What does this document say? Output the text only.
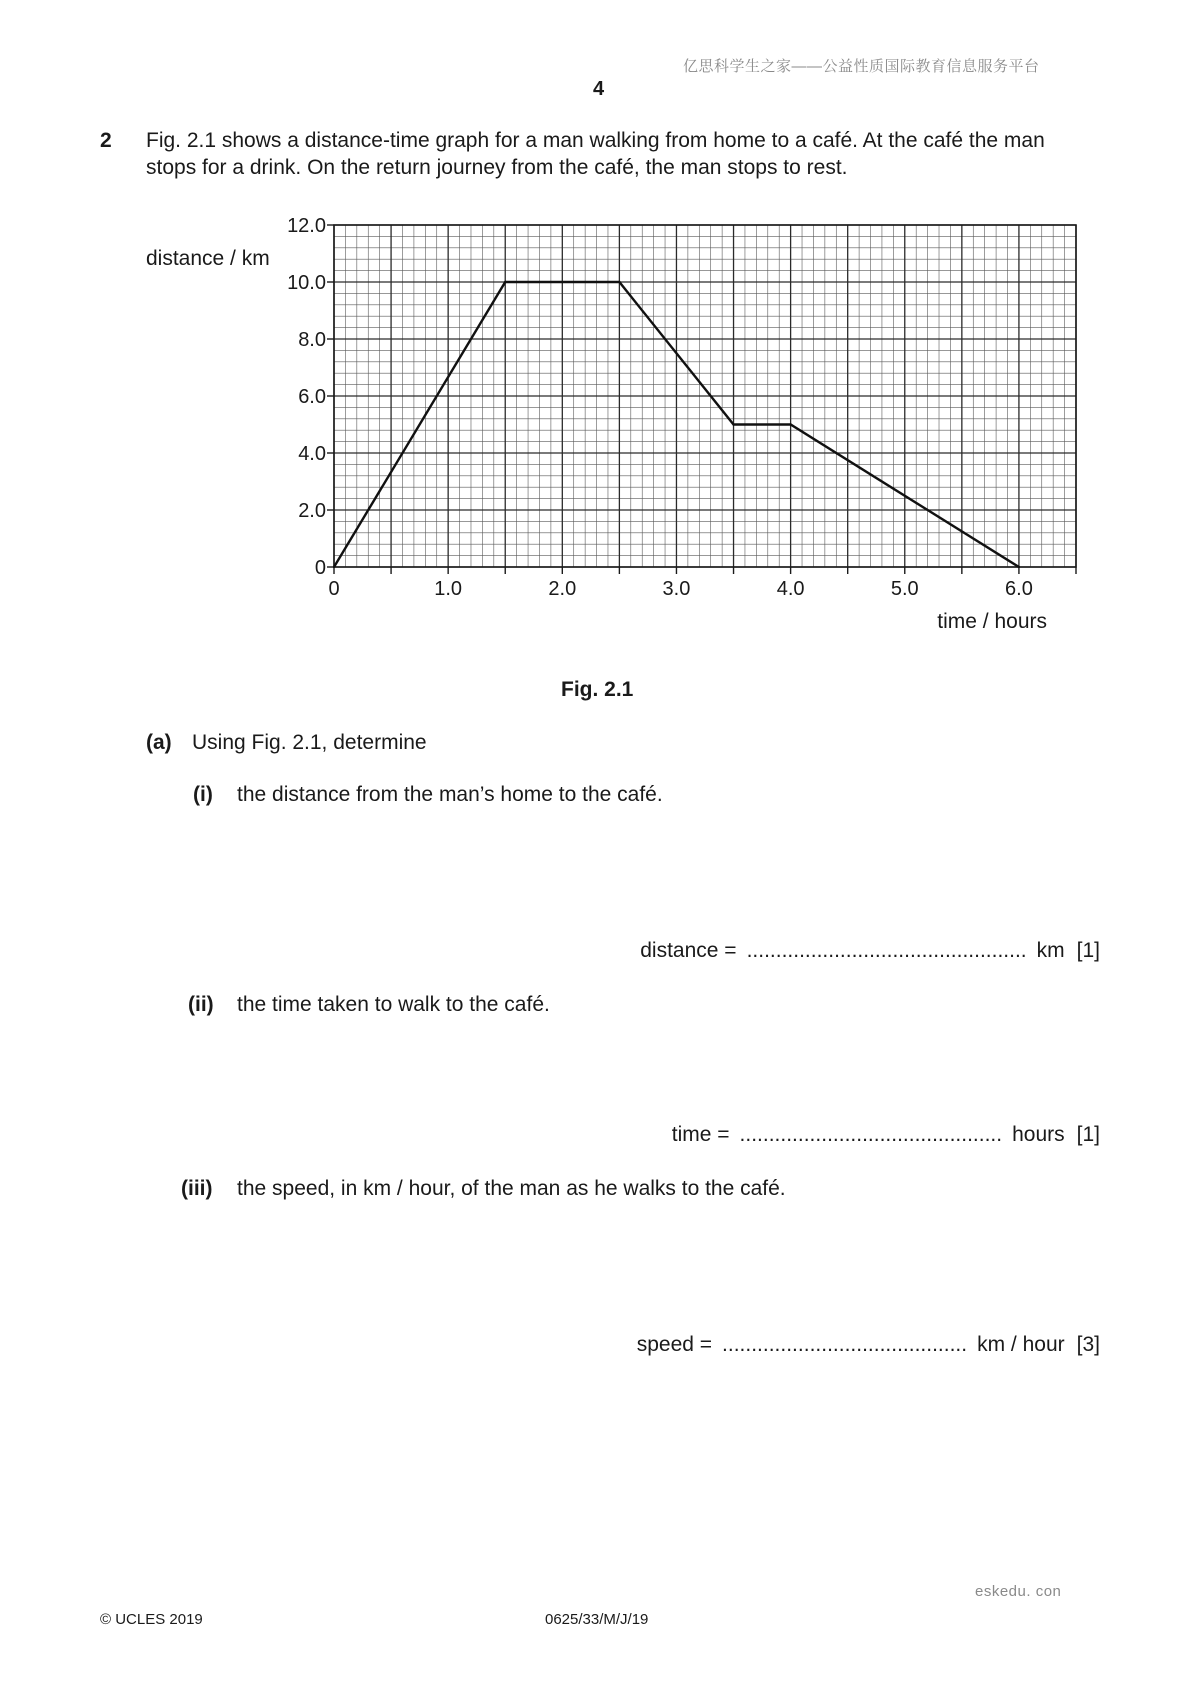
亿思科学生之家——公益性质国际教育信息服务平台
4
2 Fig. 2.1 shows a distance-time graph for a man walking from home to a café. At the café the man
stops for a drink. On the return journey from the café, the man stops to rest.
0
2.0
4.0
6.0
8.0
10.0
12.0
0	1.0	2.0	3.0	4.0	5.0	6.0
distance / km
time / hours
Fig. 2.1
(a) Using Fig. 2.1, determine
(i) the distance from the man’s home to the café.
distance = ................................................ km [1]
(ii) the time taken to walk to the café.
time = ............................................. hours [1]
(iii) the speed, in km / hour, of the man as he walks to the café.
speed = .......................................... km / hour [3]
eskedu. con
© UCLES 2019	0625/33/M/J/19
